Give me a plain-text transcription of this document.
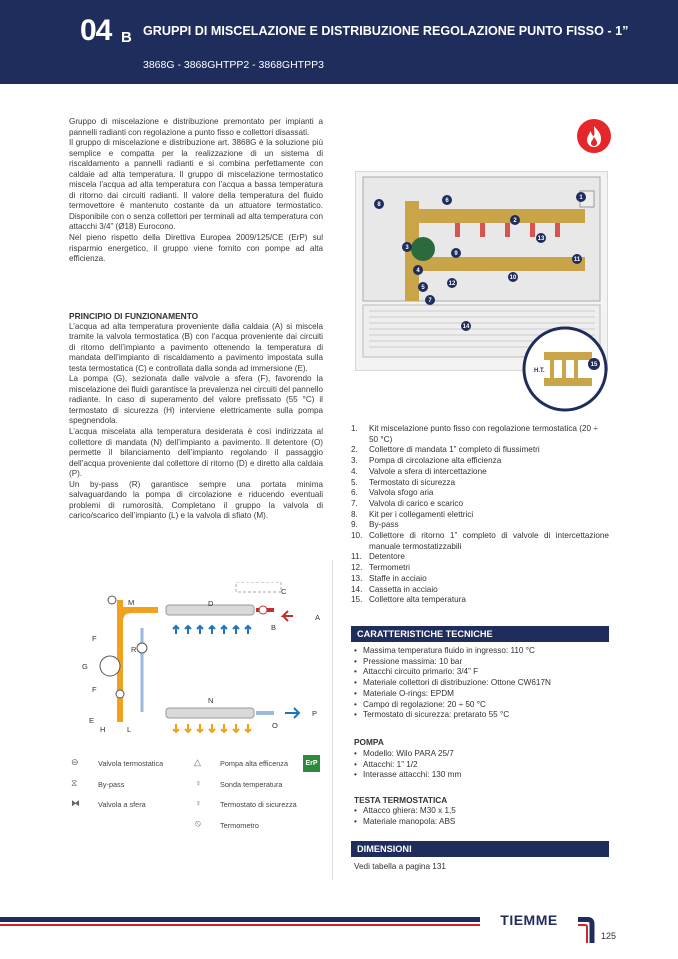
04 B GRUPPI DI MISCELAZIONE E DISTRIBUZIONE REGOLAZIONE PUNTO FISSO - 1”
3868G - 3868GHTPP2 - 3868GHTPP3

Gruppo di miscelazione e distribuzione premontato per impianti a pannelli radianti con regolazione a punto fisso e collettori disassati.

Il gruppo di miscelazione e distribuzione art. 3868G è la soluzione più semplice e compatta per la realizzazione di un sistema di riscaldamento a pannelli radianti e si combina perfettamente con caldaie ad alta temperatura. Il gruppo di miscelazione termostatico miscela l’acqua ad alta temperatura con l’acqua a bassa temperatura di ritorno dai circuiti radianti. Il valore della temperatura del fluido termovettore è mantenuto costante da un attuatore termostatico. Disponibile con o senza collettori per terminali ad alta temperatura con attacchi 3/4” (Ø18) Eurocono.

Nel pieno rispetto della Direttiva Europea 2009/125/CE (ErP) sul risparmio energetico, il gruppo viene fornito con pompe ad alta efficienza.

PRINCIPIO DI FUNZIONAMENTO

L’acqua ad alta temperatura proveniente dalla caldaia (A) si miscela tramite la valvola termostatica (B) con l’acqua proveniente dai circuiti di ritorno dell’impianto a pavimento ottenendo la temperatura di mandata dell’impianto di riscaldamento a pavimento impostata sulla testa termostatica (C) e controllata dalla sonda ad immersione (E).

La pompa (G), sezionata dalle valvole a sfera (F), favorendo la miscelazione dei fluidi garantisce la prevalenza nei circuiti del pannello radiante. In caso di superamento del valore prefissato (55 °C) il termostato di sicurezza (H) interviene elettricamente sulla pompa spegnendola.

L’acqua miscelata alla temperatura desiderata è così indirizzata al collettore di mandata (N) dell’impianto a pavimento. Il detentore (O) permette il bilanciamento dell’impianto regolando il passaggio dell’acqua proveniente dal collettore di ritorno (D) e diretto alla caldaia (P).

Un by-pass (R) garantisce sempre una portata minima salvaguardando la pompa di circolazione e riducendo eventuali problemi di rumorosità. Completano il gruppo la valvola di carico/scarico dell’impianto (L) e la valvola di sfiato (M).

M	D
C
A
B
F
R
G
F
N
E
H	L	O
P
⊖	Valvola termostatica
⧖	By-pass
⧓ Valvola a sfera
△	Pompa alta efficenza
♀	Sonda temperatura
♀	Termostato di sicurezza
⦸	Termometro
ErP
8
6	1
2
3
13
9
11
4
10
5
12
7
14
H.T.
15
1. Kit miscelazione punto fisso con regolazione termostatica (20 ÷ 50 °C)
2. Collettore di mandata 1” completo di flussimetri
3. Pompa di circolazione alta efficienza
4. Valvole a sfera di intercettazione
5. Termostato di sicurezza
6. Valvola sfogo aria
7. Valvola di carico e scarico
8. Kit per i collegamenti elettrici
9. By-pass
10. Collettore di ritorno 1” completo di valvole di intercettazione manuale termostatizzabili
11. Detentore
12. Termometri
13. Staffe in acciaio
14. Cassetta in acciaio
15. Collettore alta temperatura
CARATTERISTICHE TECNICHE
• Massima temperatura fluido in ingresso: 110 °C
• Pressione massima: 10 bar
• Attacchi circuito primario: 3/4” F
• Materiale collettori di distribuzione: Ottone CW617N
• Materiale O-rings: EPDM
• Campo di regolazione: 20 ÷ 50 °C
• Termostato di sicurezza: pretarato 55 °C
POMPA
• Modello: Wilo PARA 25/7
• Attacchi: 1” 1/2
• Interasse attacchi: 130 mm
TESTA TERMOSTATICA
• Attacco ghiera: M30 x 1,5
• Materiale manopola: ABS
DIMENSIONI
Vedi tabella a pagina 131
TIEMME
125
